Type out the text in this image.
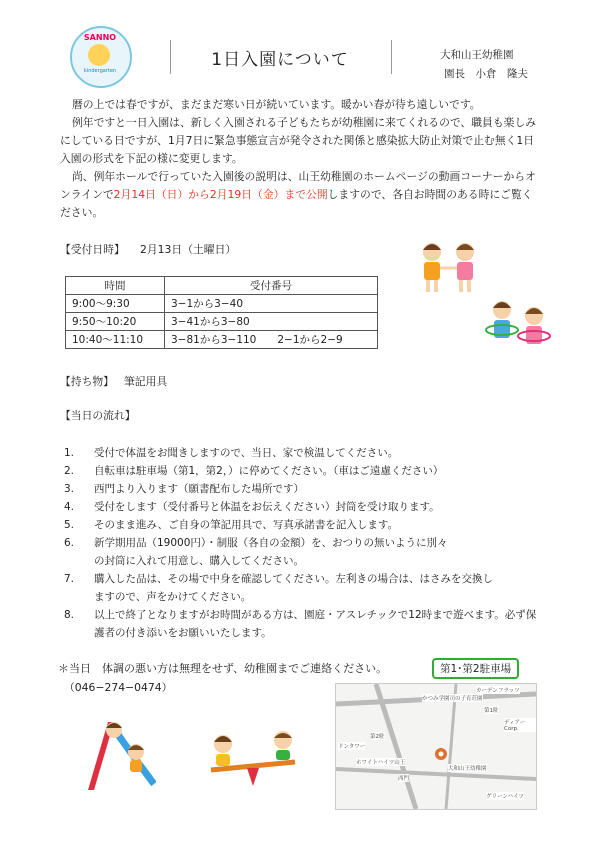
SANNO
kindergarten
1日入園について	大和山王幼稚園
園長　小倉　隆夫
暦の上では春ですが、まだまだ寒い日が続いています。暖かい春が待ち遠しいです。
例年ですと一日入園は、新しく入園される子どもたちが幼稚園に来てくれるので、職員も楽しみにしている日ですが、1月7日に緊急事態宣言が発令された関係と感染拡大防止対策で止む無く1日入園の形式を下記の様に変更します。
尚、例年ホールで行っていた入園後の説明は、山王幼稚園のホームページの動画コーナーからオンラインで2月14日（日）から2月19日（金）まで公開しますので、各自お時間のある時にご覧ください。
【受付日時】 2月13日（土曜日）
時間	受付番号
9:00〜9:30	3−1から3−40
9:50〜10:20	3−41から3−80
10:40〜11:10	3−81から3−110　　2−1から2−9
【持ち物】 筆記用具
【当日の流れ】
1.	受付で体温をお聞きしますので、当日、家で検温してください。
2.	自転車は駐車場（第1，第2，）に停めてください。（車はご遠慮ください）
3.	西門より入ります（願書配布した場所です）
4.	受付をします（受付番号と体温をお伝えください）封筒を受け取ります。
5.	そのまま進み、ご自身の筆記用具で、写真承諾書を記入します。
6.	新学期用品（19000円）・制服（各自の金額）を、おつりの無いように別々の封筒に入れて用意し、購入してください。
7.	購入した品は、その場で中身を確認してください。左利きの場合は、はさみを交換しますので、声をかけてください。
8.	以上で終了となりますがお時間がある方は、園庭・アスレチックで12時まで遊べます。必ず保護者の付き添いをお願いいたします。
＊当日　体調の悪い方は無理をせず、幼稚園までご連絡ください。
（046−274−0474）
第1･第2駐車場
かつみ学園司の子育荘園
カーデンフラッツ
第1駐
ディアーCorp.
第2駐
ドンタワー
ホワイトハイツ山王
大和山王幼稚園
西門
グリーンハイツ
